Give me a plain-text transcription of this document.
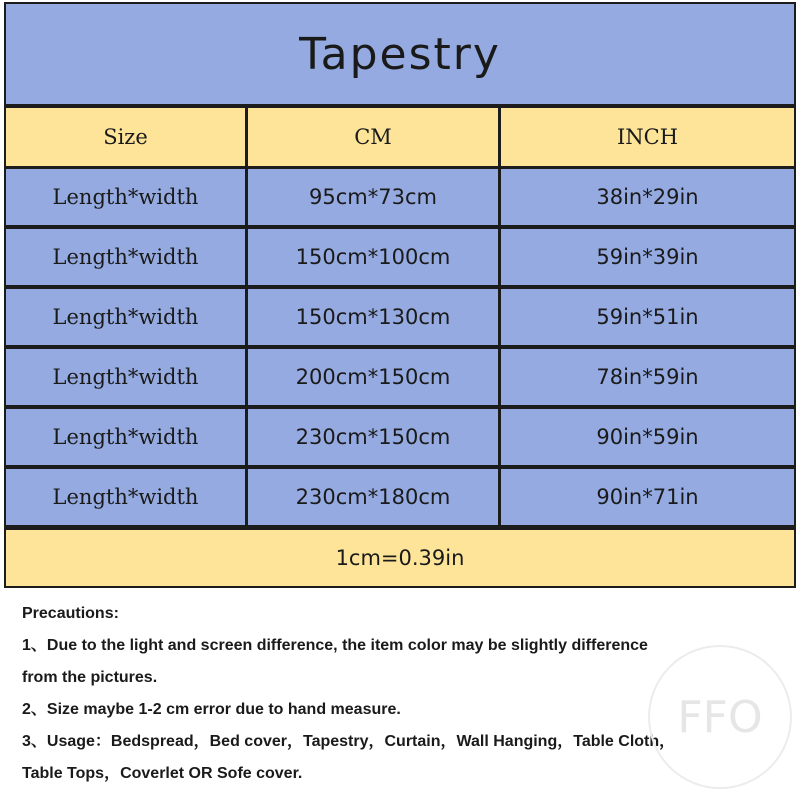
Tapestry
Size	CM	INCH
Length*width	95cm*73cm	38in*29in
Length*width	150cm*100cm	59in*39in
Length*width	150cm*130cm	59in*51in
Length*width	200cm*150cm	78in*59in
Length*width	230cm*150cm	90in*59in
Length*width	230cm*180cm	90in*71in
1cm=0.39in
Precautions:
1、Due to the light and screen difference, the item color may be slightly difference
from the pictures.
2、Size maybe 1-2 cm error due to hand measure.
3、Usage：Bedspread，Bed cover，Tapestry，Curtain，Wall Hanging，Table Cloth，
Table Tops，Coverlet OR Sofe cover.
FFO
